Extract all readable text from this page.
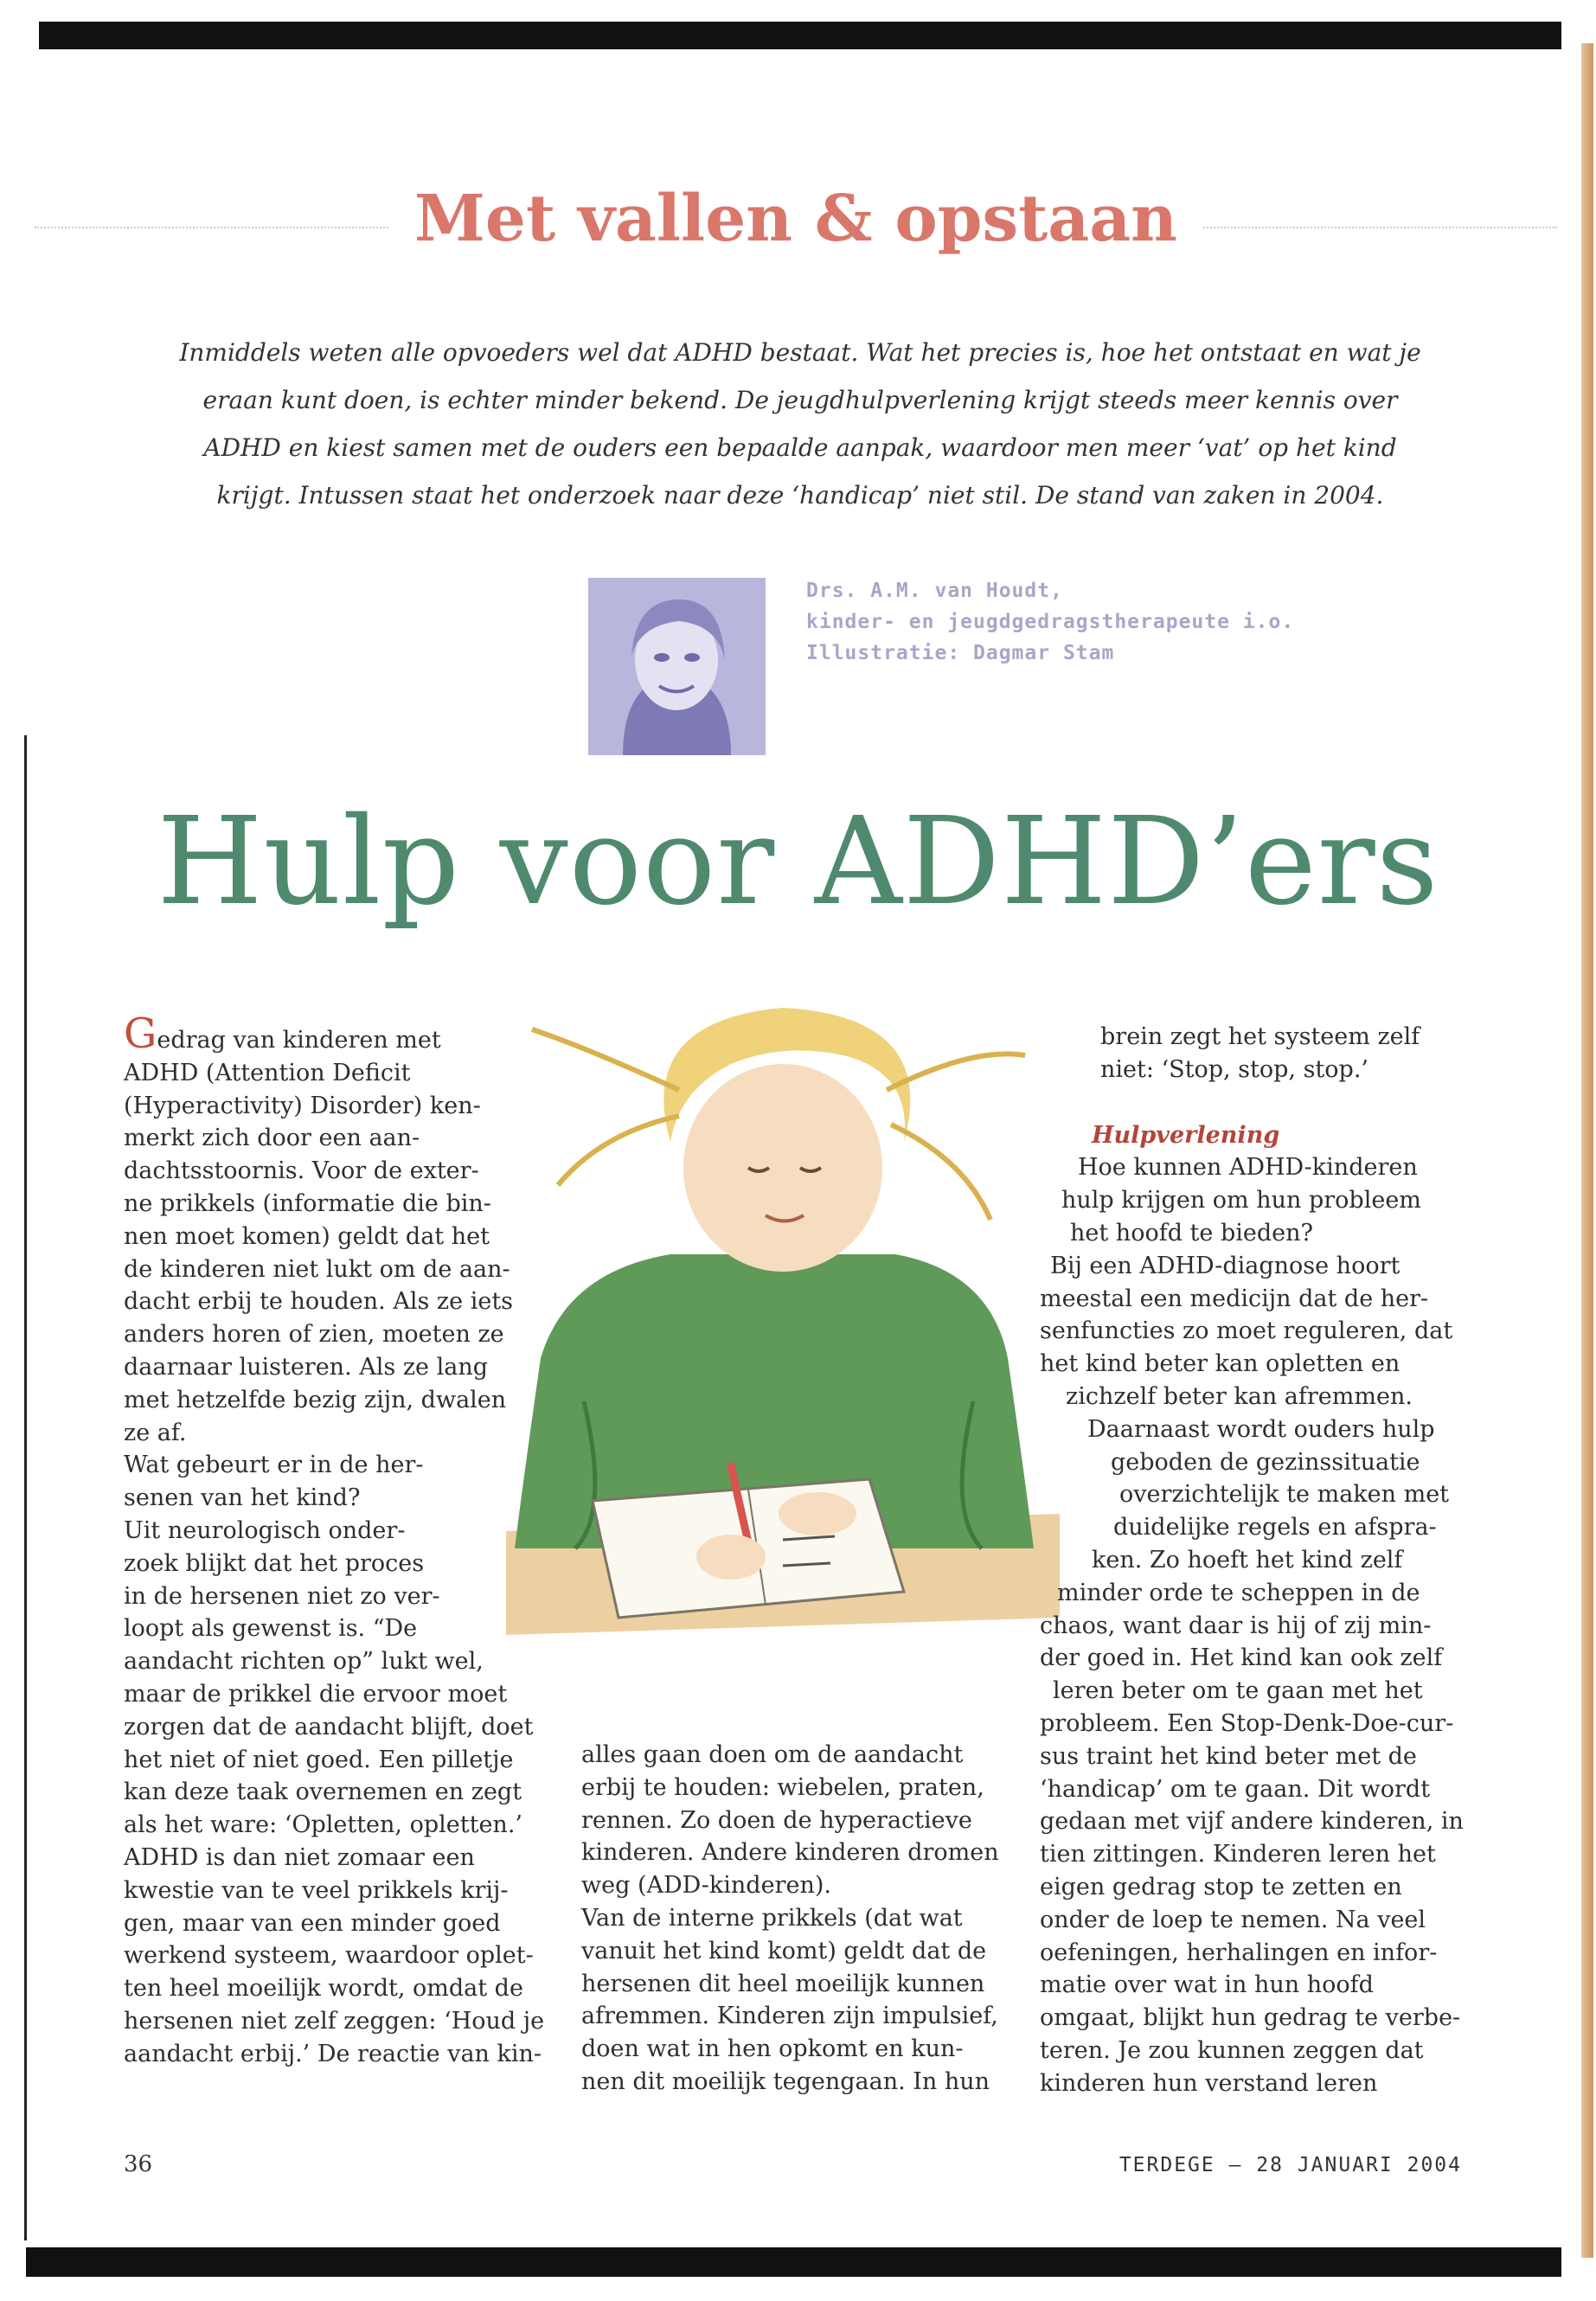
Met vallen & opstaan
Inmiddels weten alle opvoeders wel dat ADHD bestaat. Wat het precies is, hoe het ontstaat en wat je eraan kunt doen, is echter minder bekend. De jeugdhulpverlening krijgt steeds meer kennis over ADHD en kiest samen met de ouders een bepaalde aanpak, waardoor men meer ‘vat’ op het kind krijgt. Intussen staat het onderzoek naar deze ‘handicap’ niet stil. De stand van zaken in 2004.
Drs. A.M. van Houdt,
kinder- en jeugdgedragstherapeute i.o.
Illustratie: Dagmar Stam
Hulp voor ADHD’ers
Gedrag van kinderen met
ADHD (Attention Deficit
(Hyperactivity) Disorder) ken-
merkt zich door een aan-
dachtsstoornis. Voor de exter-
ne prikkels (informatie die bin-
nen moet komen) geldt dat het
de kinderen niet lukt om de aan-
dacht erbij te houden. Als ze iets
anders horen of zien, moeten ze
daarnaar luisteren. Als ze lang
met hetzelfde bezig zijn, dwalen
ze af.
Wat gebeurt er in de her-
senen van het kind?
Uit neurologisch onder-
zoek blijkt dat het proces
in de hersenen niet zo ver-
loopt als gewenst is. “De
aandacht richten op” lukt wel,
maar de prikkel die ervoor moet
zorgen dat de aandacht blijft, doet
het niet of niet goed. Een pilletje
kan deze taak overnemen en zegt
als het ware: ‘Opletten, opletten.’
ADHD is dan niet zomaar een
kwestie van te veel prikkels krij-
gen, maar van een minder goed
werkend systeem, waardoor oplet-
ten heel moeilijk wordt, omdat de
hersenen niet zelf zeggen: ‘Houd je
aandacht erbij.’ De reactie van kin-
alles gaan doen om de aandacht
erbij te houden: wiebelen, praten,
rennen. Zo doen de hyperactieve
kinderen. Andere kinderen dromen
weg (ADD-kinderen).
Van de interne prikkels (dat wat
vanuit het kind komt) geldt dat de
hersenen dit heel moeilijk kunnen
afremmen. Kinderen zijn impulsief,
doen wat in hen opkomt en kun-
nen dit moeilijk tegengaan. In hun
brein zegt het systeem zelf
niet: ‘Stop, stop, stop.’
Hulpverlening
Hoe kunnen ADHD-kinderen
hulp krijgen om hun probleem
het hoofd te bieden?
Bij een ADHD-diagnose hoort
meestal een medicijn dat de her-
senfuncties zo moet reguleren, dat
het kind beter kan opletten en
zichzelf beter kan afremmen.
Daarnaast wordt ouders hulp
geboden de gezinssituatie
overzichtelijk te maken met
duidelijke regels en afspra-
ken. Zo hoeft het kind zelf
minder orde te scheppen in de
chaos, want daar is hij of zij min-
der goed in. Het kind kan ook zelf
leren beter om te gaan met het
probleem. Een Stop-Denk-Doe-cur-
sus traint het kind beter met de
‘handicap’ om te gaan. Dit wordt
gedaan met vijf andere kinderen, in
tien zittingen. Kinderen leren het
eigen gedrag stop te zetten en
onder de loep te nemen. Na veel
oefeningen, herhalingen en infor-
matie over wat in hun hoofd
omgaat, blijkt hun gedrag te verbe-
teren. Je zou kunnen zeggen dat
kinderen hun verstand leren
36	TERDEGE – 28 JANUARI 2004
